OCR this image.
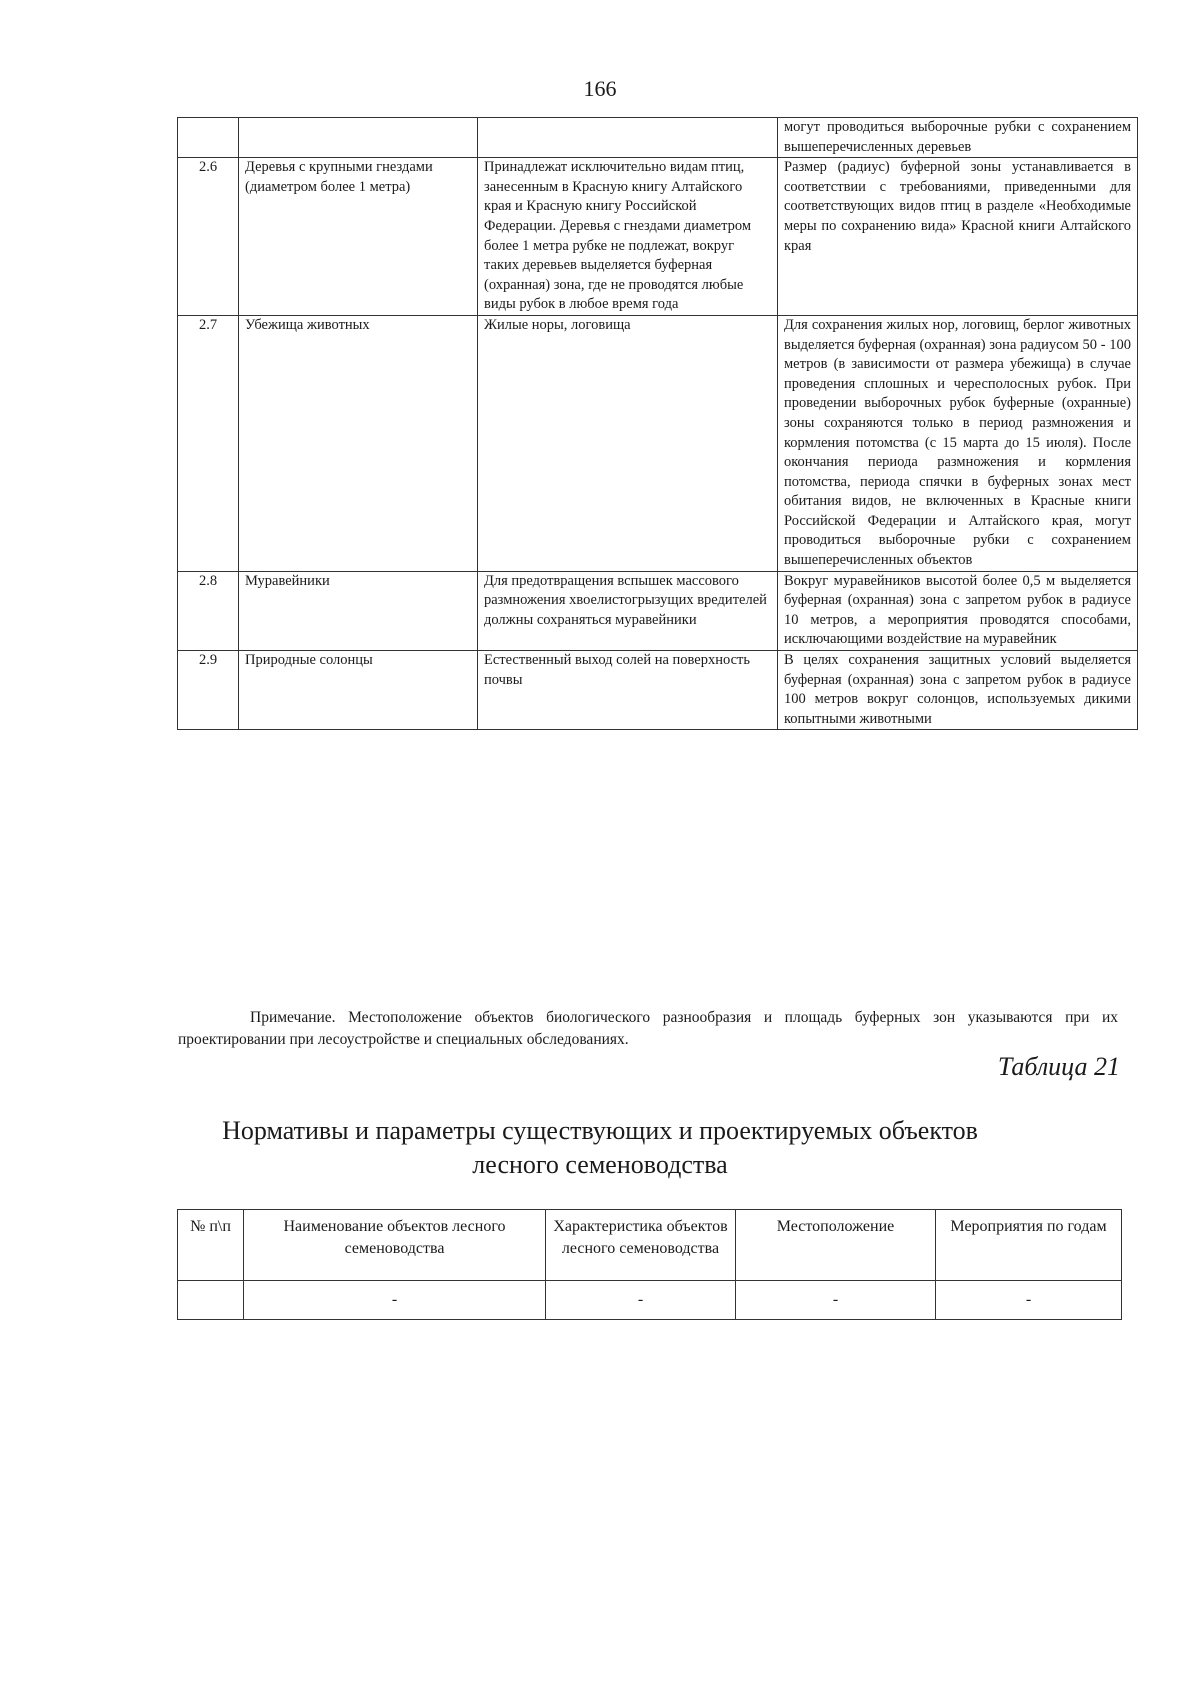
166
			могут проводиться выборочные рубки с сохранением вышеперечисленных деревьев
2.6	Деревья с крупными гнездами (диаметром более 1 метра)	Принадлежат исключительно видам птиц, занесенным в Красную книгу Алтайского края и Красную книгу Российской Федерации. Деревья с гнездами диаметром более 1 метра рубке не подлежат, вокруг таких деревьев выделяется буферная (охранная) зона, где не проводятся любые виды рубок в любое время года	Размер (радиус) буферной зоны устанавливается в соответствии с требованиями, приведенными для соответствующих видов птиц в разделе «Необходимые меры по сохранению вида» Красной книги Алтайского края
2.7	Убежища животных	Жилые норы, логовища	Для сохранения жилых нор, логовищ, берлог животных выделяется буферная (охранная) зона радиусом 50 - 100 метров (в зависимости от размера убежища) в случае проведения сплошных и чересполосных рубок. При проведении выборочных рубок буферные (охранные) зоны сохраняются только в период размножения и кормления потомства (с 15 марта до 15 июля). После окончания периода размножения и кормления потомства, периода спячки в буферных зонах мест обитания видов, не включенных в Красные книги Российской Федерации и Алтайского края, могут проводиться выборочные рубки с сохранением вышеперечисленных объектов
2.8	Муравейники	Для предотвращения вспышек массового размножения хвоелистогрызущих вредителей должны сохраняться муравейники	Вокруг муравейников высотой более 0,5 м выделяется буферная (охранная) зона с запретом рубок в радиусе 10 метров, а мероприятия проводятся способами, исключающими воздействие на муравейник
2.9	Природные солонцы	Естественный выход солей на поверхность почвы	В целях сохранения защитных условий выделяется буферная (охранная) зона с запретом рубок в радиусе 100 метров вокруг солонцов, используемых дикими копытными животными

Примечание. Местоположение объектов биологического разнообразия и площадь буферных зон указываются при их проектировании при лесоустройстве и специальных обследованиях.

Таблица 21
Нормативы и параметры существующих и проектируемых объектов
лесного семеноводства
№ п\п	Наименование объектов лесного семеноводства	Характеристика объектов лесного семеноводства	Местоположение	Мероприятия по годам
	-	-	-	-
